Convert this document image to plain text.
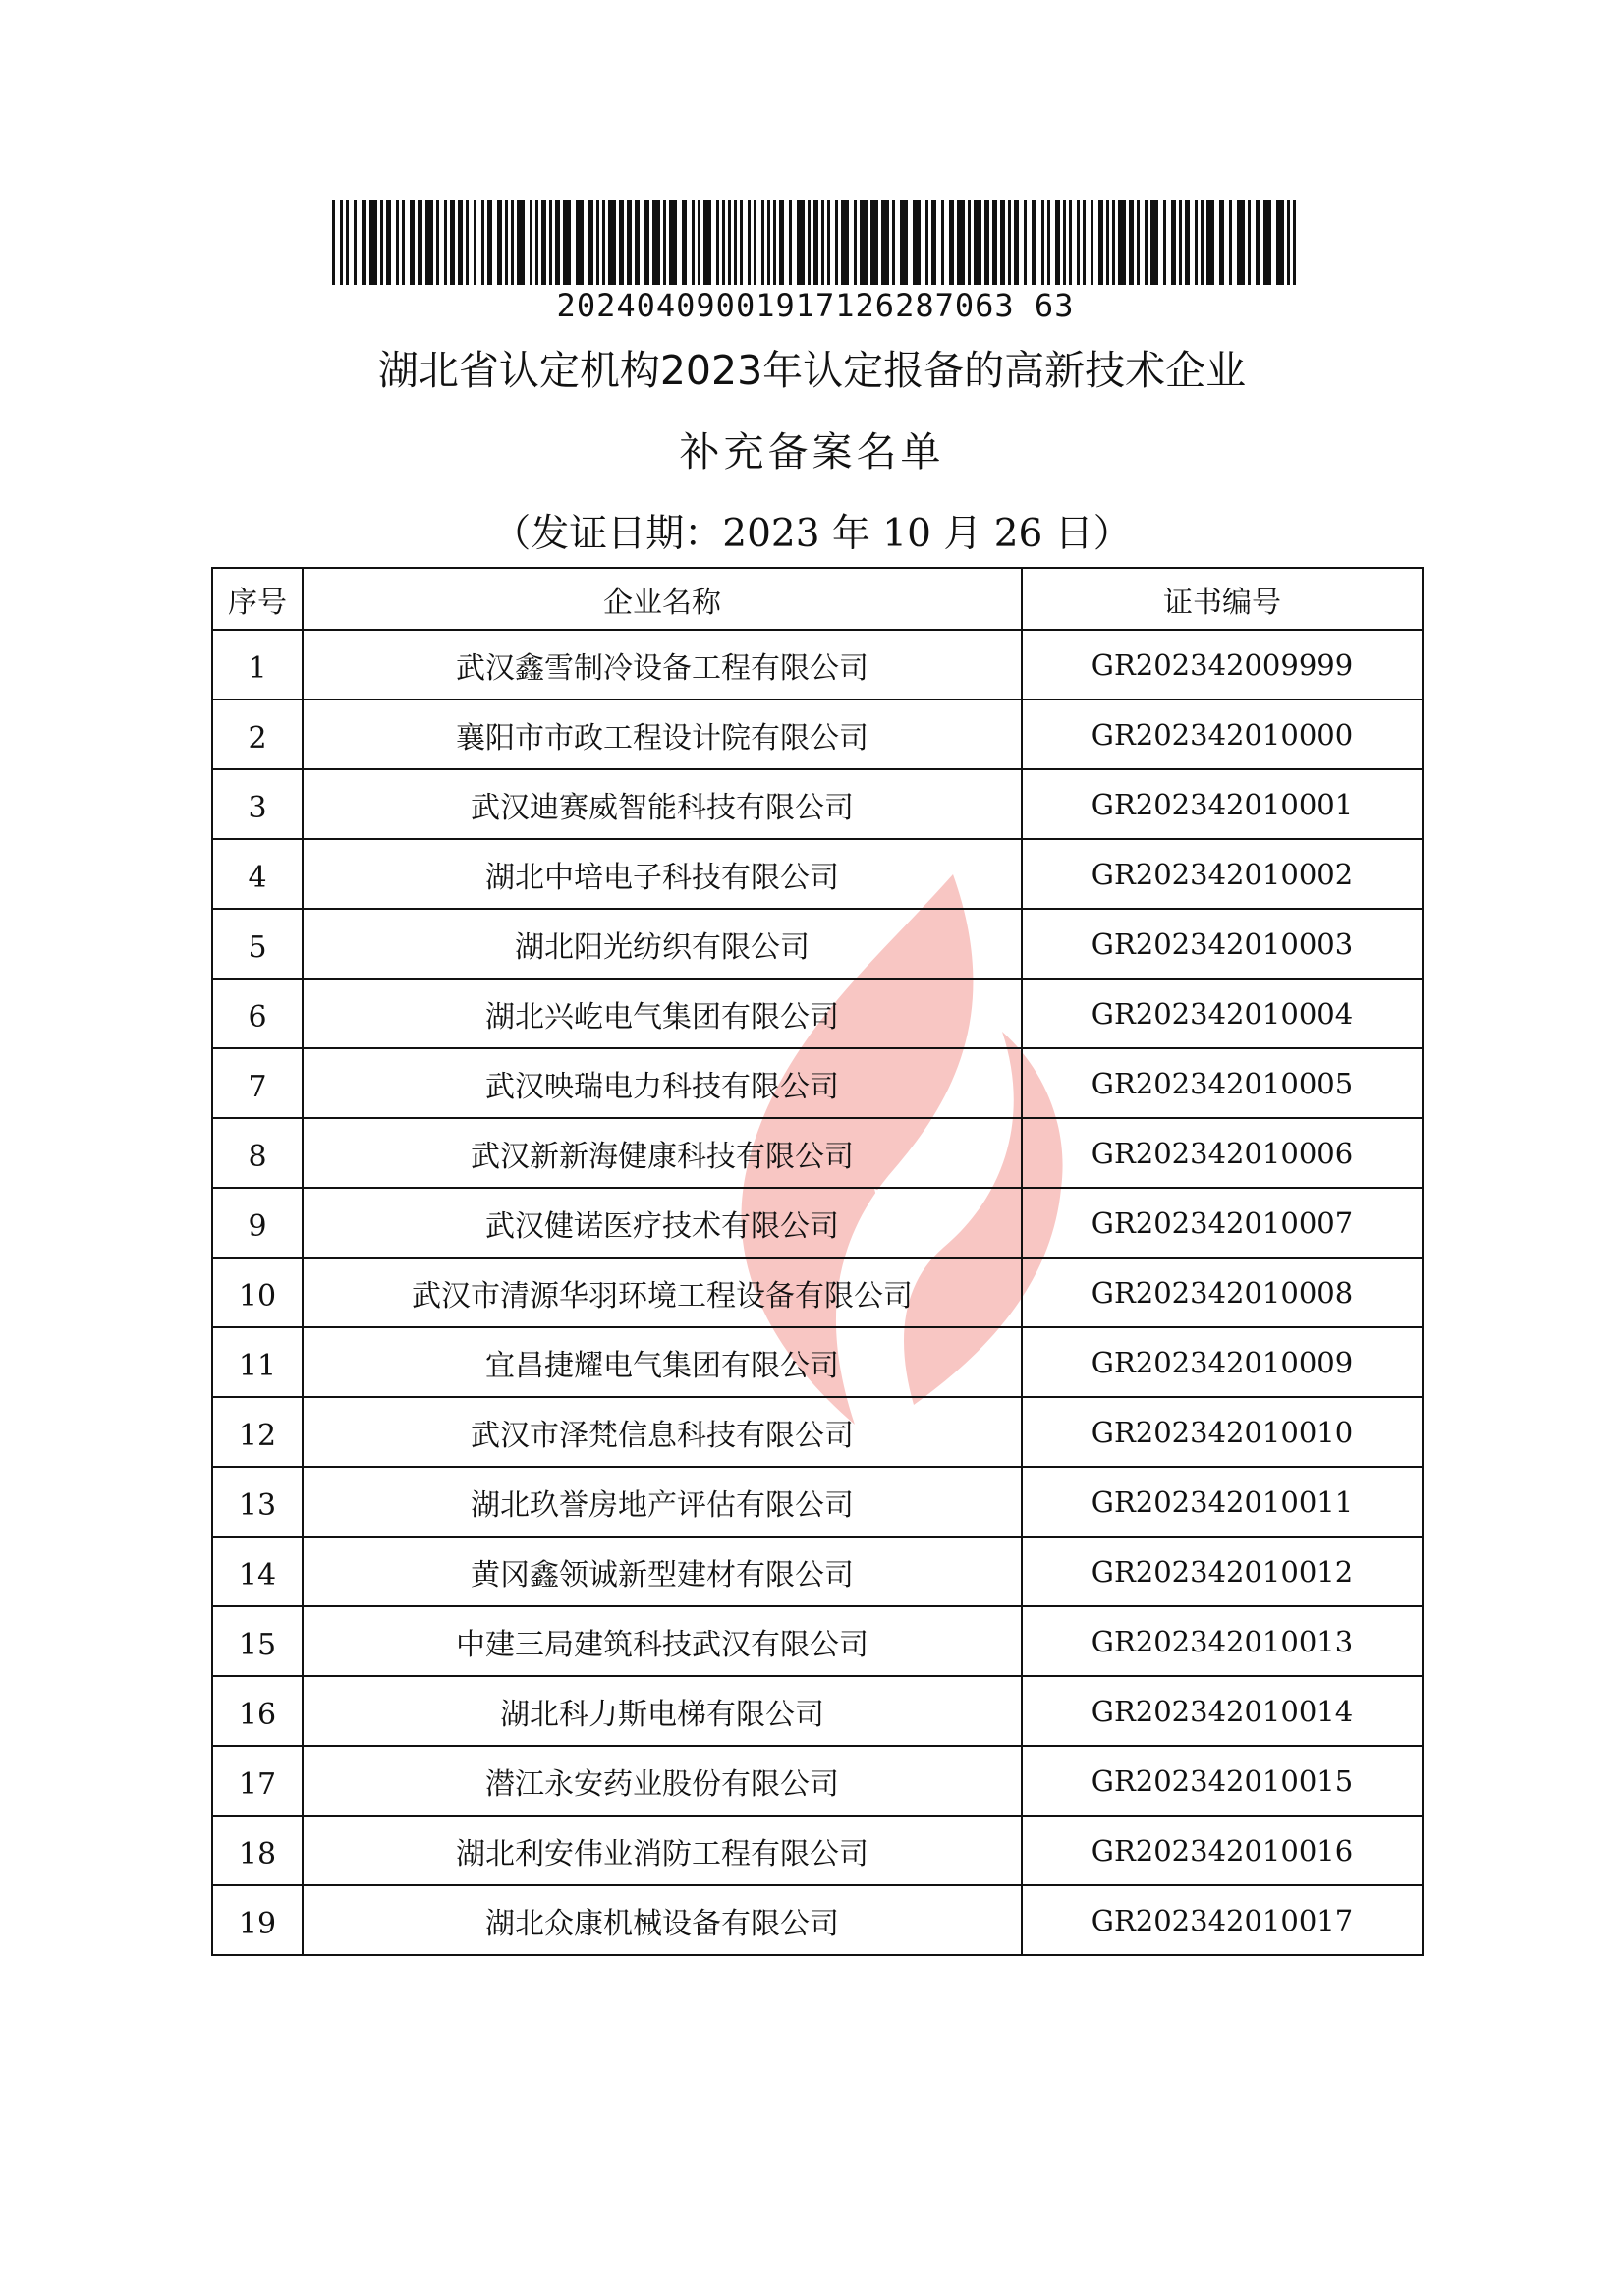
20240409001917126287063 63
湖北省认定机构2023年认定报备的高新技术企业
补充备案名单
（发证日期：2023 年 10 月 26 日）
序号	企业名称	证书编号
1	武汉鑫雪制冷设备工程有限公司	GR202342009999
2	襄阳市市政工程设计院有限公司	GR202342010000
3	武汉迪赛威智能科技有限公司	GR202342010001
4	湖北中培电子科技有限公司	GR202342010002
5	湖北阳光纺织有限公司	GR202342010003
6	湖北兴屹电气集团有限公司	GR202342010004
7	武汉映瑞电力科技有限公司	GR202342010005
8	武汉新新海健康科技有限公司	GR202342010006
9	武汉健诺医疗技术有限公司	GR202342010007
10	武汉市清源华羽环境工程设备有限公司	GR202342010008
11	宜昌捷耀电气集团有限公司	GR202342010009
12	武汉市泽梵信息科技有限公司	GR202342010010
13	湖北玖誉房地产评估有限公司	GR202342010011
14	黄冈鑫领诚新型建材有限公司	GR202342010012
15	中建三局建筑科技武汉有限公司	GR202342010013
16	湖北科力斯电梯有限公司	GR202342010014
17	潜江永安药业股份有限公司	GR202342010015
18	湖北利安伟业消防工程有限公司	GR202342010016
19	湖北众康机械设备有限公司	GR202342010017
